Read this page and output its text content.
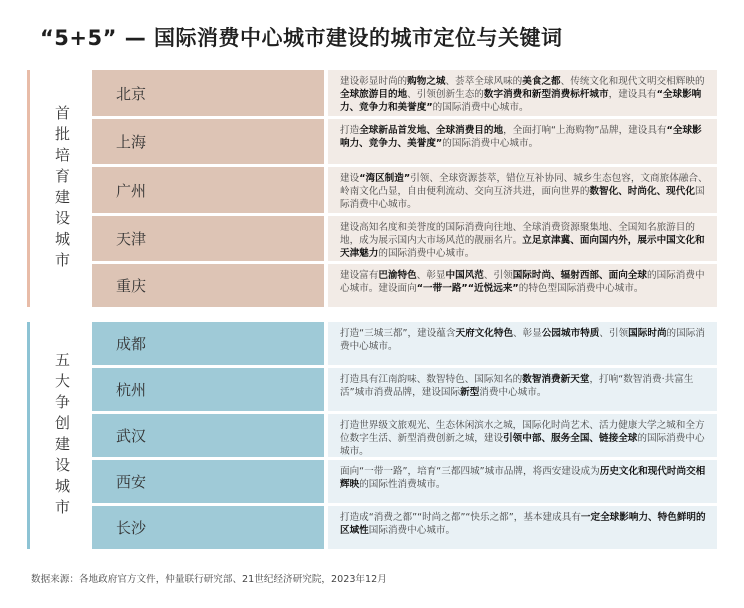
“5+5” — 国际消费中心城市建设的城市定位与关键词
首批培育建设城市
北京
建设彰显时尚的购物之城、荟萃全球风味的美食之都、传统文化和现代文明交相辉映的全球旅游目的地、引领创新生态的数字消费和新型消费标杆城市，建设具有“全球影响力、竞争力和美誉度”的国际消费中心城市。
上海
打造全球新品首发地、全球消费目的地，全面打响“上海购物”品牌，建设具有“全球影响力、竞争力、美誉度”的国际消费中心城市。
广州
建设“湾区制造”引领、全球资源荟萃，错位互补协同、城乡生态包容，文商旅体融合、岭南文化凸显，自由便利流动、交向互济共进，面向世界的数智化、时尚化、现代化国际消费中心城市。
天津
建设高知名度和美誉度的国际消费向往地、全球消费资源聚集地、全国知名旅游目的地，成为展示国内大市场风范的靓丽名片。立足京津冀、面向国内外，展示中国文化和天津魅力的国际消费中心城市。
重庆
建设富有巴渝特色、彰显中国风范、引领国际时尚、辐射西部、面向全球的国际消费中心城市。建设面向“一带一路”“近悦远来”的特色型国际消费中心城市。
五大争创建设城市
成都
打造“三城三都”，建设蕴含天府文化特色、彰显公园城市特质、引领国际时尚的国际消费中心城市。
杭州
打造具有江南韵味、数智特色、国际知名的数智消费新天堂，打响“数智消费·共富生活”城市消费品牌，建设国际新型消费中心城市。
武汉
打造世界级文旅观光、生态休闲滨水之城，国际化时尚艺术、活力健康大学之城和全方位数字生活、新型消费创新之城，建设引领中部、服务全国、链接全球的国际消费中心城市。
西安
面向“一带一路”，培育“三都四城”城市品牌，将西安建设成为历史文化和现代时尚交相辉映的国际性消费城市。
长沙
打造成“消费之都”“时尚之都”“快乐之都”，基本建成具有一定全球影响力、特色鲜明的区域性国际消费中心城市。
数据来源：各地政府官方文件，仲量联行研究部、21世纪经济研究院，2023年12月
